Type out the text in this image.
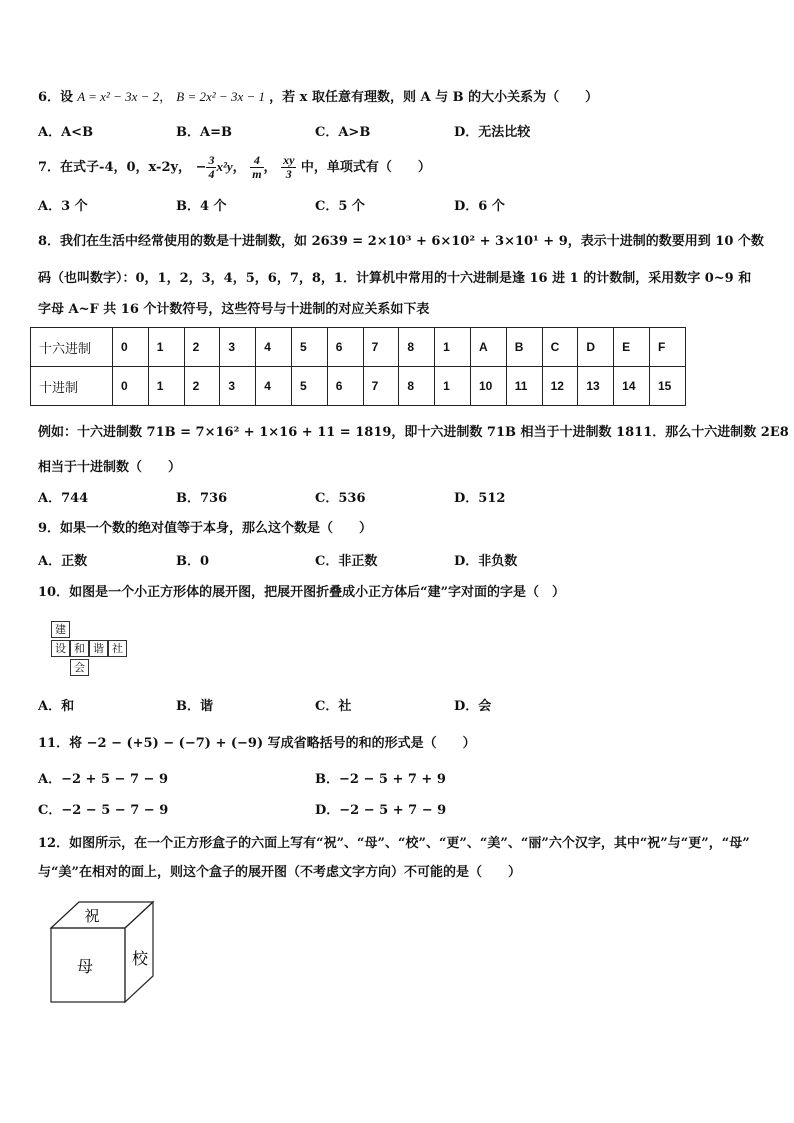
6．设 A = x² − 3x − 2， B = 2x² − 3x − 1 ，若 x 取任意有理数，则 A 与 B 的大小关系为（　　）
A．A<B	B．A=B	C．A>B	D．无法比较
7．在式子-4，0，x-2y， − $\frac{3}{4} x^2y$， $\frac{4}{m}$ ， $\frac{xy}{3}$ 中，单项式有（　　）
A．3 个	B．4 个	C．5 个	D．6 个
8．我们在生活中经常使用的数是十进制数，如 2639 = 2×10³ + 6×10² + 3×10¹ + 9，表示十进制的数要用到 10 个数
码（也叫数字）：0，1，2，3，4，5，6，7，8，1．计算机中常用的十六进制是逢 16 进 1 的计数制，采用数字 0~9 和
字母 A~F 共 16 个计数符号，这些符号与十进制的对应关系如下表
十六进制	0	1	2	3	4	5	6	7	8	1	A	B	C	D	E	F
十进制	0	1	2	3	4	5	6	7	8	1	10	11	12	13	14	15
例如：十六进制数 71B = 7×16² + 1×16 + 11 = 1819，即十六进制数 71B 相当于十进制数 1811．那么十六进制数 2E8
相当于十进制数（　　）
A．744	B．736	C．536	D．512
9．如果一个数的绝对值等于本身，那么这个数是（　　）
A．正数	B．0	C．非正数	D．非负数
10．如图是一个小正方形体的展开图，把展开图折叠成小正方体后“建”字对面的字是（　）
建
设 和 谐 社
会
A．和	B．谐	C．社	D．会
11．将 −2 − (+5) − (−7) + (−9) 写成省略括号的和的形式是（　　）
A．−2 + 5 − 7 − 9	B．−2 − 5 + 7 + 9
C．−2 − 5 − 7 − 9	D．−2 − 5 + 7 − 9
12．如图所示，在一个正方形盒子的六面上写有“祝”、“母”、“校”、“更”、“美”、“丽”六个汉字，其中“祝”与“更”，“母”
与“美”在相对的面上，则这个盒子的展开图（不考虑文字方向）不可能的是（　　）
祝
母 校
